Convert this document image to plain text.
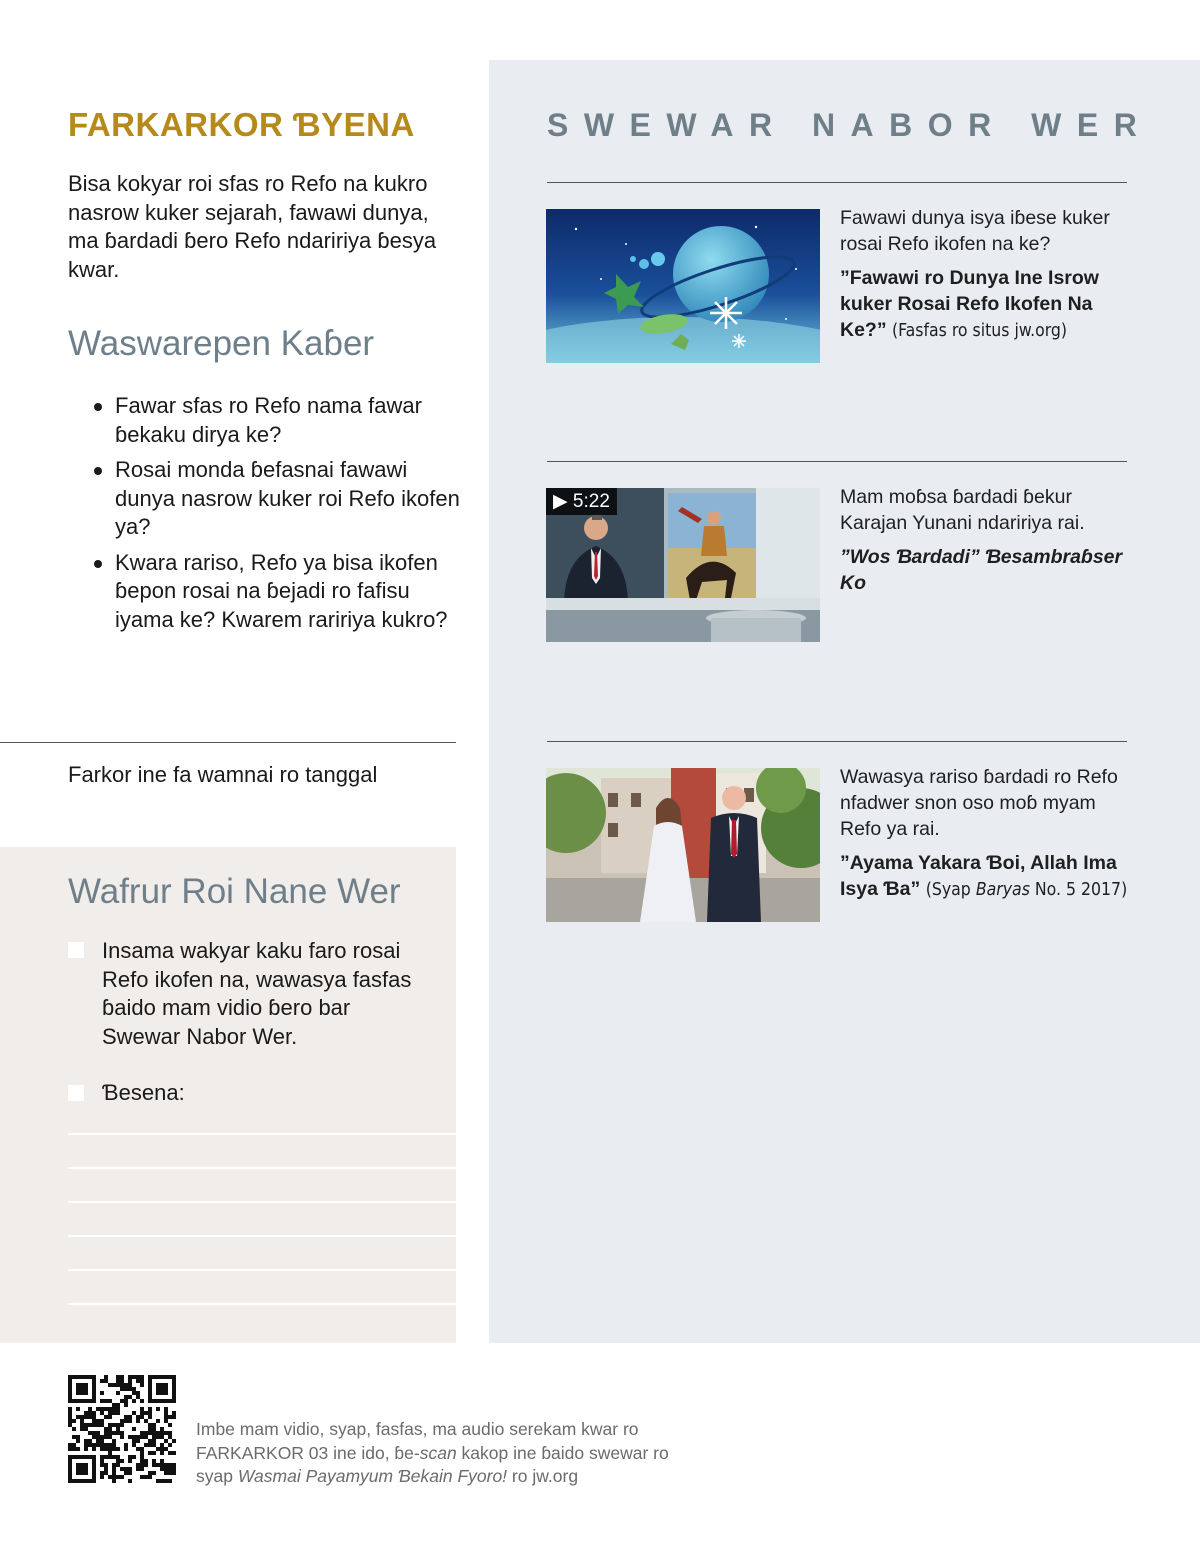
FARKARKOR ƁYENA

Bisa kokyar roi sfas ro Refo na kukro nasrow kuker sejarah, fawawi dunya, ma ɓardadi ɓero Refo ndaririya ɓesya kwar.

Waswarepen Kaɓer
Fawar sfas ro Refo nama fawar ɓekaku dirya ke?
Rosai monda ɓefasnai fawawi dunya nasrow kuker roi Refo ikofen ya?
Kwara rariso, Refo ya bisa ikofen ɓepon rosai na ɓejadi ro fafisu iyama ke? Kwarem raririya kukro?

Farkor ine fa wamnai ro tanggal

Wafrur Roi Nane Wer

Insama wakyar kaku faro rosai Refo ikofen na, wawasya fasfas ɓaido mam vidio ɓero bar Swewar Nabor Wer.

Ɓesena:

SWEWAR NABOR WER

Fawawi dunya isya iɓese kuker rosai Refo ikofen na ke?

”Fawawi ro Dunya Ine Isrow kuker Rosai Refo Ikofen Na Ke?” (Fasfas ro situs jw.org)

▶ 5:22	Mam moɓsa ɓardadi ɓekur Karajan Yunani ndaririya rai.

”Wos Ɓardadi” Ɓesambraɓser Ko

Wawasya rariso ɓardadi ro Refo nfadwer snon oso moɓ myam Refo ya rai.

”Ayama Yakara Ɓoi, Allah Ima Isya Ɓa” (Syap Baryas No. 5 2017)

Imbe mam vidio, syap, fasfas, ma audio serekam kwar ro FARKARKOR 03 ine ido, ɓe-scan kakop ine ɓaido swewar ro syap Wasmai Payamyum Ɓekain Fyoro! ro jw.org
